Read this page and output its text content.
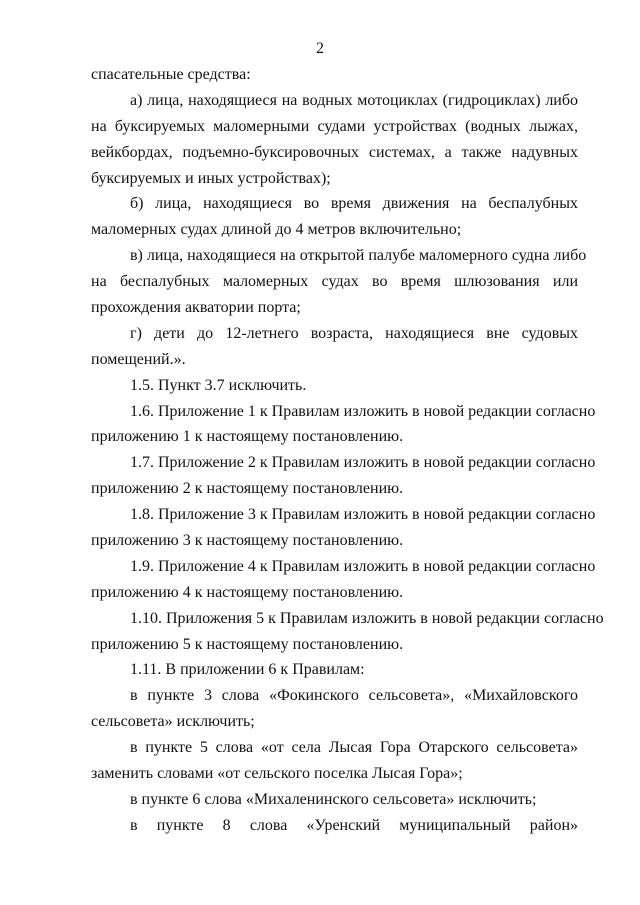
2
спасательные средства:
а) лица, находящиеся на водных мотоциклах (гидроциклах) либо
на буксируемых маломерными судами устройствах (водных лыжах,
вейкбордах, подъемно-буксировочных системах, а также надувных
буксируемых и иных устройствах);
б) лица, находящиеся во время движения на беспалубных
маломерных судах длиной до 4 метров включительно;
в) лица, находящиеся на открытой палубе маломерного судна либо
на беспалубных маломерных судах во время шлюзования или
прохождения акватории порта;
г) дети до 12-летнего возраста, находящиеся вне судовых
помещений.».
1.5. Пункт 3.7 исключить.
1.6. Приложение 1 к Правилам изложить в новой редакции согласно
приложению 1 к настоящему постановлению.
1.7. Приложение 2 к Правилам изложить в новой редакции согласно
приложению 2 к настоящему постановлению.
1.8. Приложение 3 к Правилам изложить в новой редакции согласно
приложению 3 к настоящему постановлению.
1.9. Приложение 4 к Правилам изложить в новой редакции согласно
приложению 4 к настоящему постановлению.
1.10. Приложения 5 к Правилам изложить в новой редакции согласно
приложению 5 к настоящему постановлению.
1.11. В приложении 6 к Правилам:
в пункте 3 слова «Фокинского сельсовета», «Михайловского
сельсовета» исключить;
в пункте 5 слова «от села Лысая Гора Отарского сельсовета»
заменить словами «от сельского поселка Лысая Гора»;
в пункте 6 слова «Михаленинского сельсовета» исключить;
в пункте 8 слова «Уренский муниципальный район»
